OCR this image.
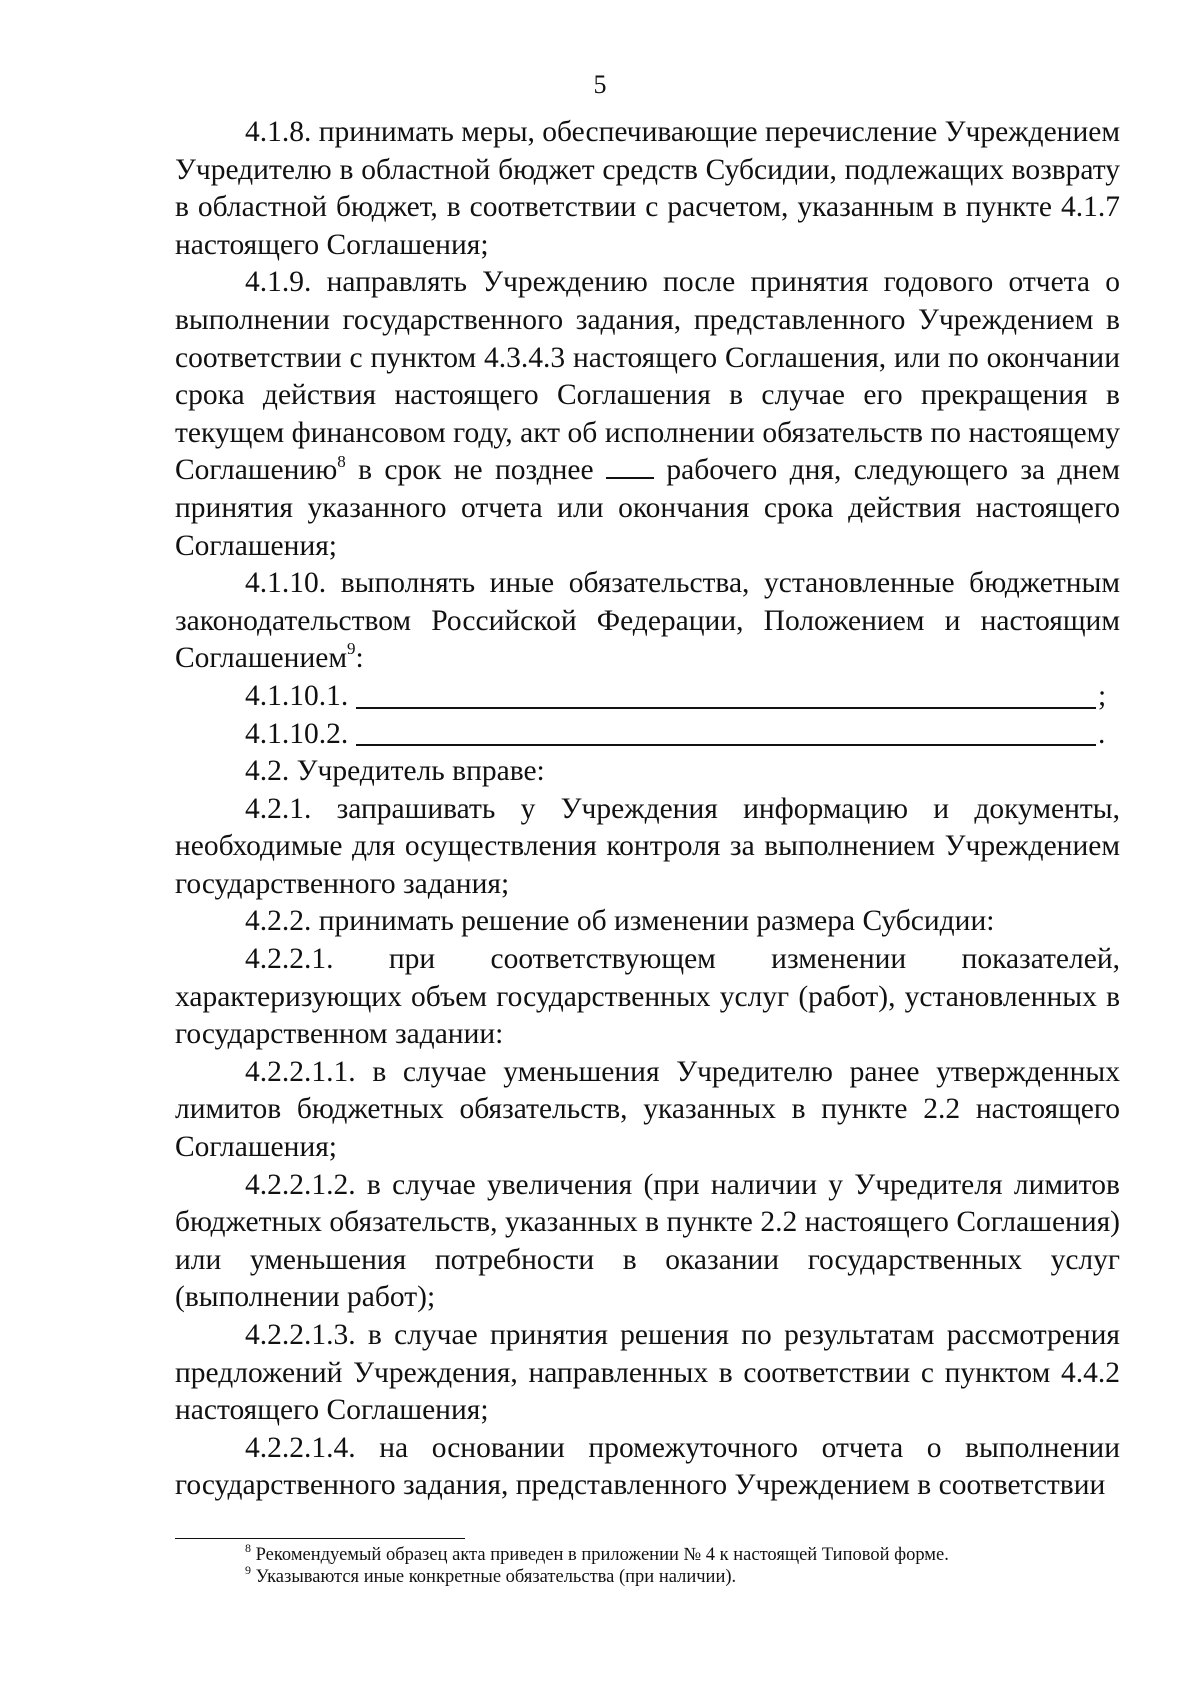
5

4.1.8. принимать меры, обеспечивающие перечисление Учреждением Учредителю в областной бюджет средств Субсидии, подлежащих возврату в областной бюджет, в соответствии с расчетом, указанным в пункте 4.1.7 настоящего Соглашения;

4.1.9. направлять Учреждению после принятия годового отчета о выполнении государственного задания, представленного Учреждением в соответствии с пунктом 4.3.4.3 настоящего Соглашения, или по окончании срока действия настоящего Соглашения в случае его прекращения в текущем финансовом году, акт об исполнении обязательств по настоящему Соглашению$^8$ в срок не позднее  рабочего дня, следующего за днем принятия указанного отчета или окончания срока действия настоящего Соглашения;

4.1.10. выполнять иные обязательства, установленные бюджетным законодательством Российской Федерации, Положением и настоящим Соглашением$^9$:

4.1.10.1.	;
4.1.10.2.	.

4.2. Учредитель вправе:

4.2.1. запрашивать у Учреждения информацию и документы, необходимые для осуществления контроля за выполнением Учреждением государственного задания;

4.2.2. принимать решение об изменении размера Субсидии:

4.2.2.1. при соответствующем изменении показателей, характеризующих объем государственных услуг (работ), установленных в государственном задании:

4.2.2.1.1. в случае уменьшения Учредителю ранее утвержденных лимитов бюджетных обязательств, указанных в пункте 2.2 настоящего Соглашения;

4.2.2.1.2. в случае увеличения (при наличии у Учредителя лимитов бюджетных обязательств, указанных в пункте 2.2 настоящего Соглашения) или уменьшения потребности в оказании государственных услуг (выполнении работ);

4.2.2.1.3. в случае принятия решения по результатам рассмотрения предложений Учреждения, направленных в соответствии с пунктом 4.4.2 настоящего Соглашения;

4.2.2.1.4. на основании промежуточного отчета о выполнении государственного задания, представленного Учреждением в соответствии

$^8$ Рекомендуемый образец акта приведен в приложении № 4 к настоящей Типовой форме.

$^9$ Указываются иные конкретные обязательства (при наличии).
